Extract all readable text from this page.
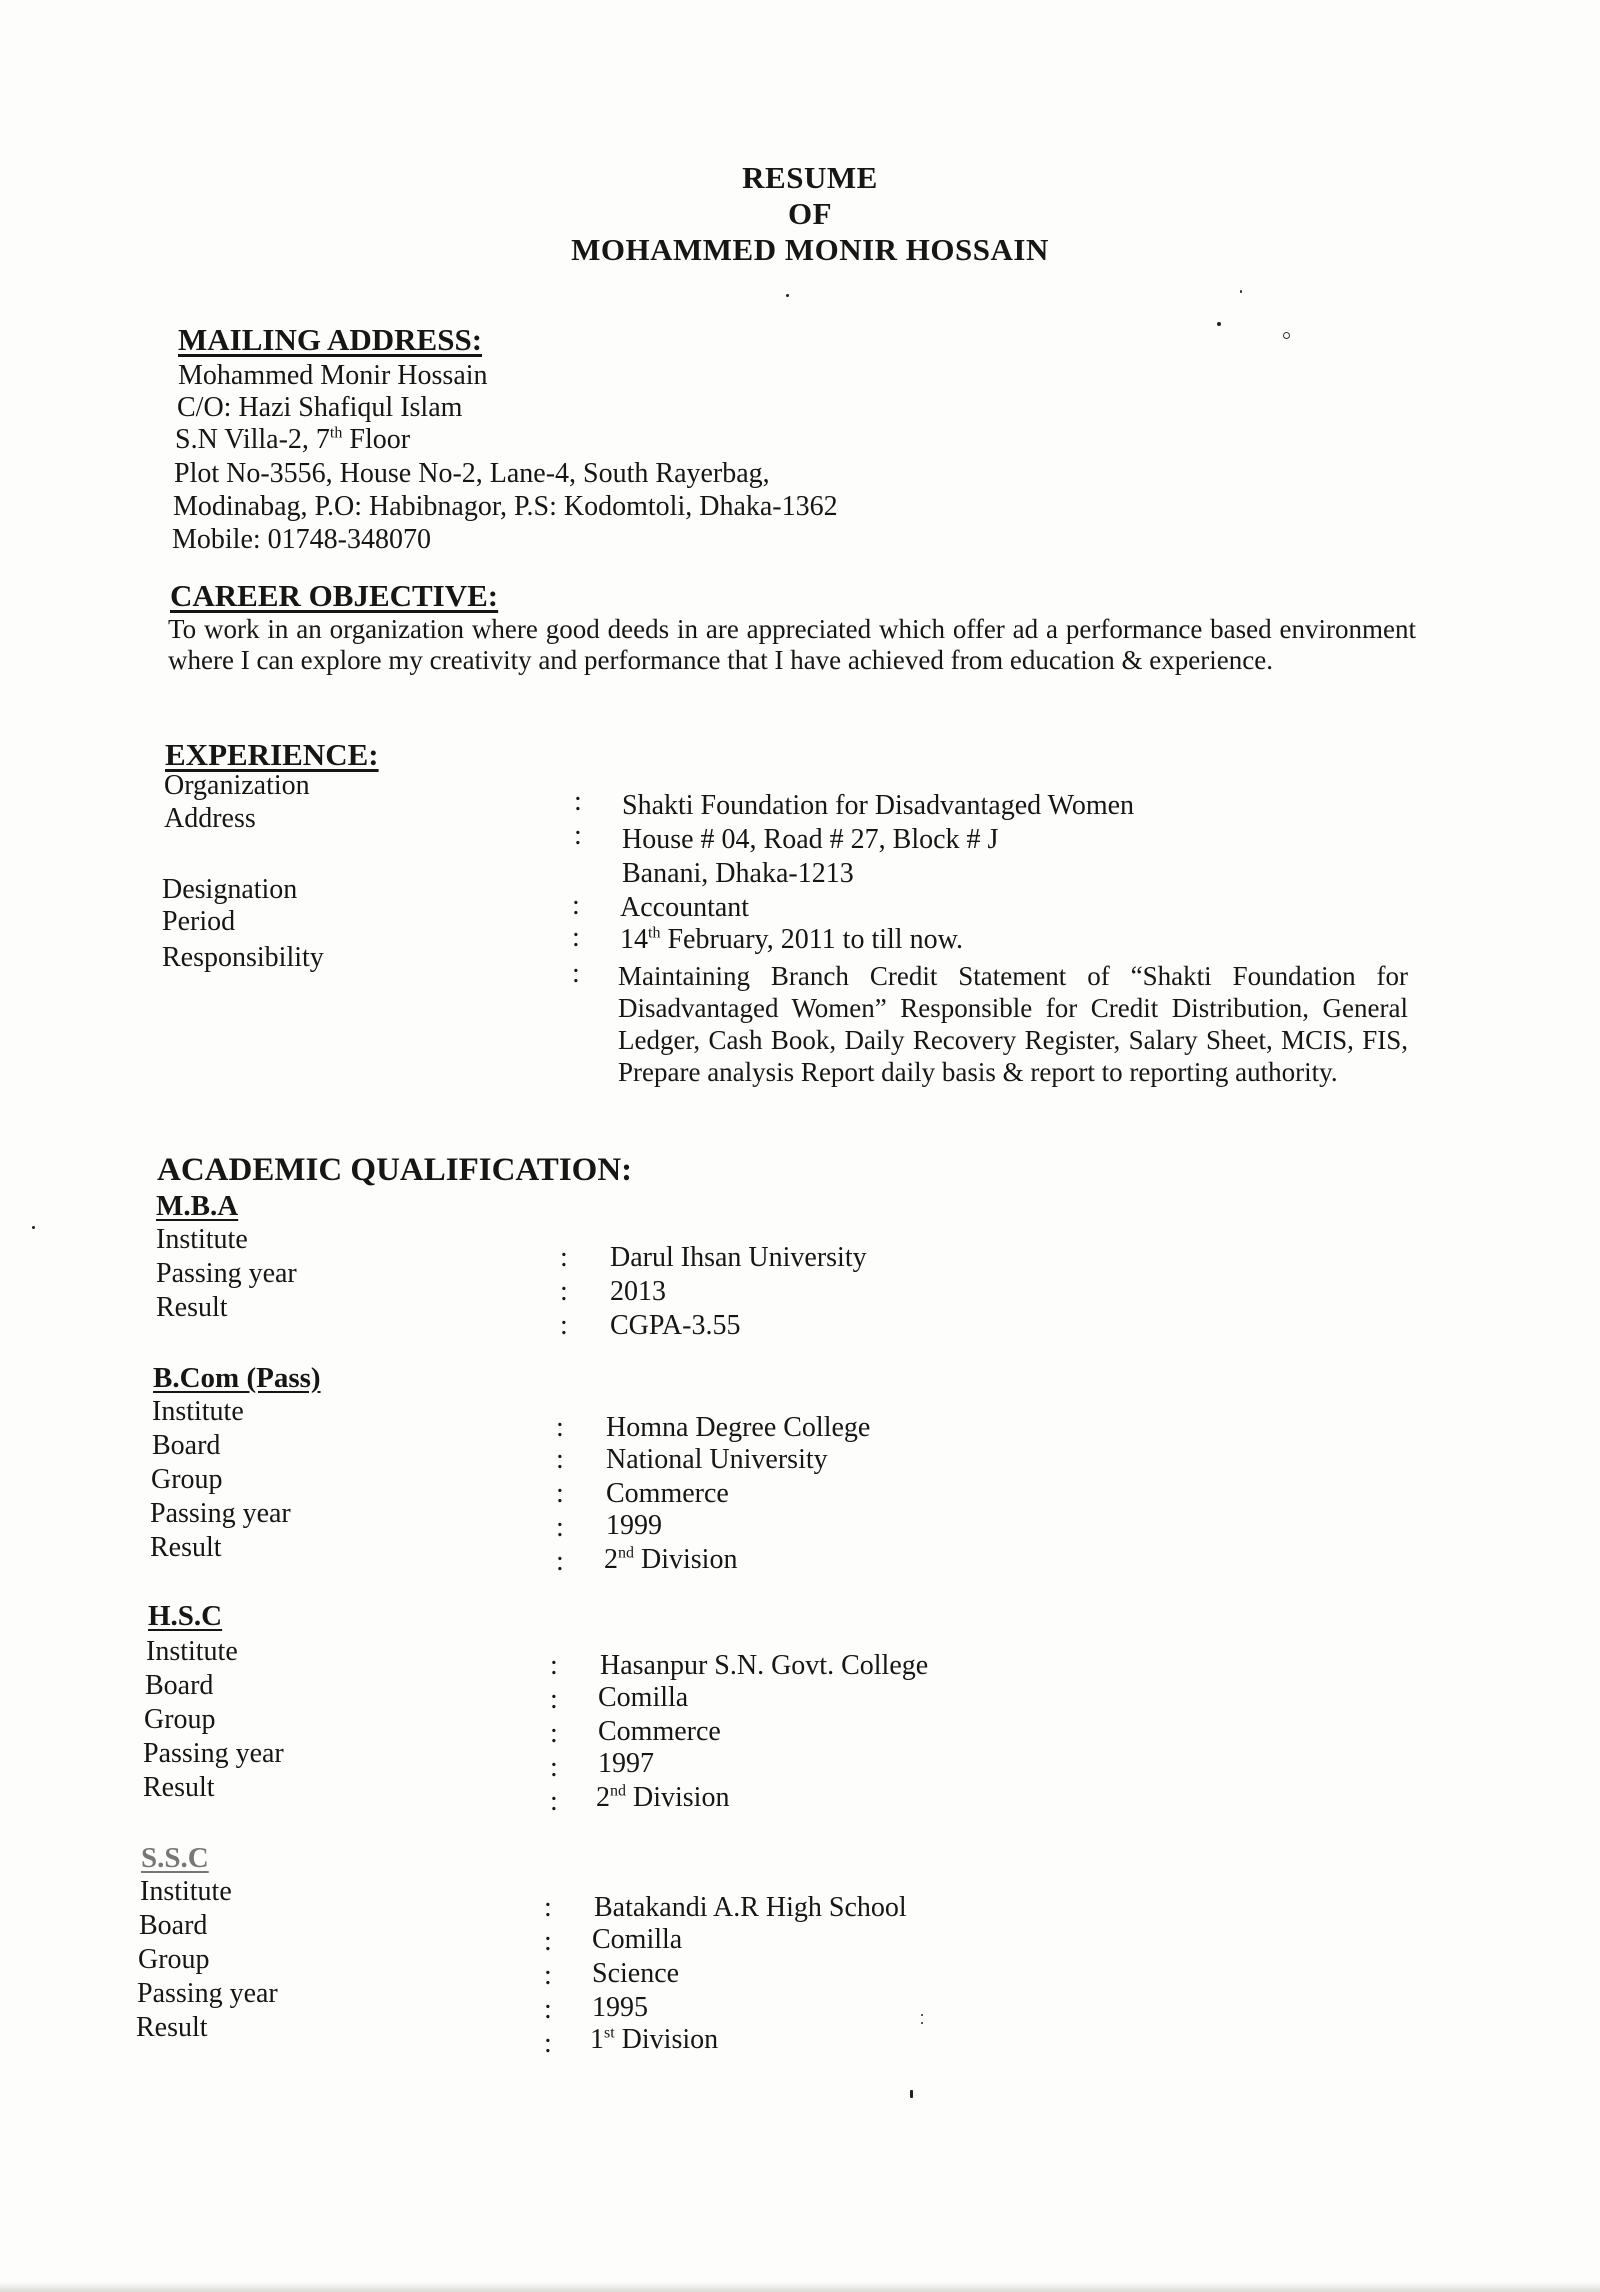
RESUME
OF
MOHAMMED MONIR HOSSAIN
MAILING ADDRESS:
Mohammed Monir Hossain
C/O: Hazi Shafiqul Islam
S.N Villa-2, 7th Floor
Plot No-3556, House No-2, Lane-4, South Rayerbag,
Modinabag, P.O: Habibnagor, P.S: Kodomtoli, Dhaka-1362
Mobile: 01748-348070
CAREER OBJECTIVE:
To work in an organization where good deeds in are appreciated which offer ad a performance based environment where I can explore my creativity and performance that I have achieved from education & experience.
EXPERIENCE:
Organization
: Shakti Foundation for Disadvantaged Women
Address
: House # 04, Road # 27, Block # J
Banani, Dhaka-1213
Designation
: Accountant
Period
: 14th February, 2011 to till now.
Responsibility
: Maintaining Branch Credit Statement of “Shakti Foundation for Disadvantaged Women” Responsible for Credit Distribution, General Ledger, Cash Book, Daily Recovery Register, Salary Sheet, MCIS, FIS, Prepare analysis Report daily basis & report to reporting authority.
ACADEMIC QUALIFICATION:
M.B.A
Institute
Passing year
Result
:
:
:
Darul Ihsan University
2013
CGPA-3.55
B.Com (Pass)
Institute
Board
Group
Passing year
Result
:
:
:
:
:
Homna Degree College
National University
Commerce
1999
2nd Division
H.S.C
Institute
Board
Group
Passing year
Result
:
:
:
:
:
Hasanpur S.N. Govt. College
Comilla
Commerce
1997
2nd Division
S.S.C
Institute
Board
Group
Passing year
Result
:
:
:
:
:
Batakandi A.R High School
Comilla
Science
1995
1st Division
